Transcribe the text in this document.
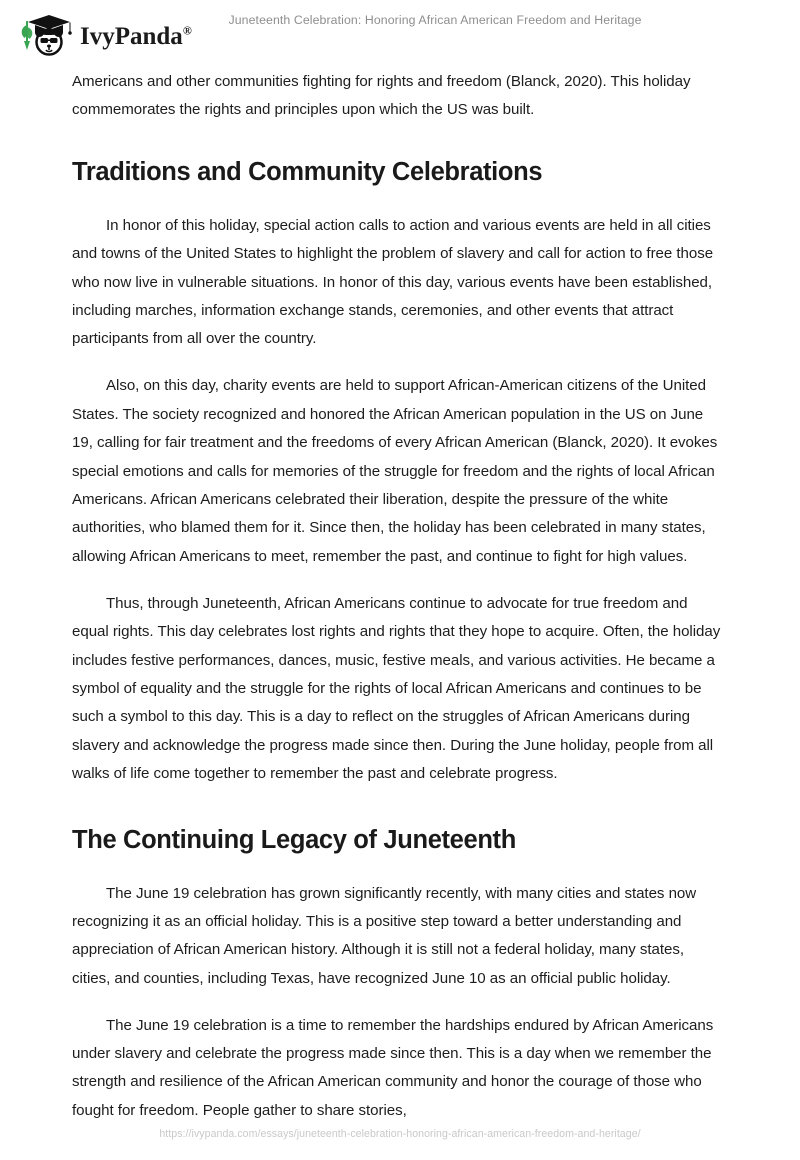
IvyPanda®
Juneteenth Celebration: Honoring African American Freedom and Heritage

Americans and other communities fighting for rights and freedom (Blanck, 2020). This holiday commemorates the rights and principles upon which the US was built.

Traditions and Community Celebrations

In honor of this holiday, special action calls to action and various events are held in all cities and towns of the United States to highlight the problem of slavery and call for action to free those who now live in vulnerable situations. In honor of this day, various events have been established, including marches, information exchange stands, ceremonies, and other events that attract participants from all over the country.

Also, on this day, charity events are held to support African-American citizens of the United States. The society recognized and honored the African American population in the US on June 19, calling for fair treatment and the freedoms of every African American (Blanck, 2020). It evokes special emotions and calls for memories of the struggle for freedom and the rights of local African Americans. African Americans celebrated their liberation, despite the pressure of the white authorities, who blamed them for it. Since then, the holiday has been celebrated in many states, allowing African Americans to meet, remember the past, and continue to fight for high values.

Thus, through Juneteenth, African Americans continue to advocate for true freedom and equal rights. This day celebrates lost rights and rights that they hope to acquire. Often, the holiday includes festive performances, dances, music, festive meals, and various activities. He became a symbol of equality and the struggle for the rights of local African Americans and continues to be such a symbol to this day. This is a day to reflect on the struggles of African Americans during slavery and acknowledge the progress made since then. During the June holiday, people from all walks of life come together to remember the past and celebrate progress.

The Continuing Legacy of Juneteenth

The June 19 celebration has grown significantly recently, with many cities and states now recognizing it as an official holiday. This is a positive step toward a better understanding and appreciation of African American history. Although it is still not a federal holiday, many states, cities, and counties, including Texas, have recognized June 10 as an official public holiday.

The June 19 celebration is a time to remember the hardships endured by African Americans under slavery and celebrate the progress made since then. This is a day when we remember the strength and resilience of the African American community and honor the courage of those who fought for freedom. People gather to share stories,

https://ivypanda.com/essays/juneteenth-celebration-honoring-african-american-freedom-and-heritage/
